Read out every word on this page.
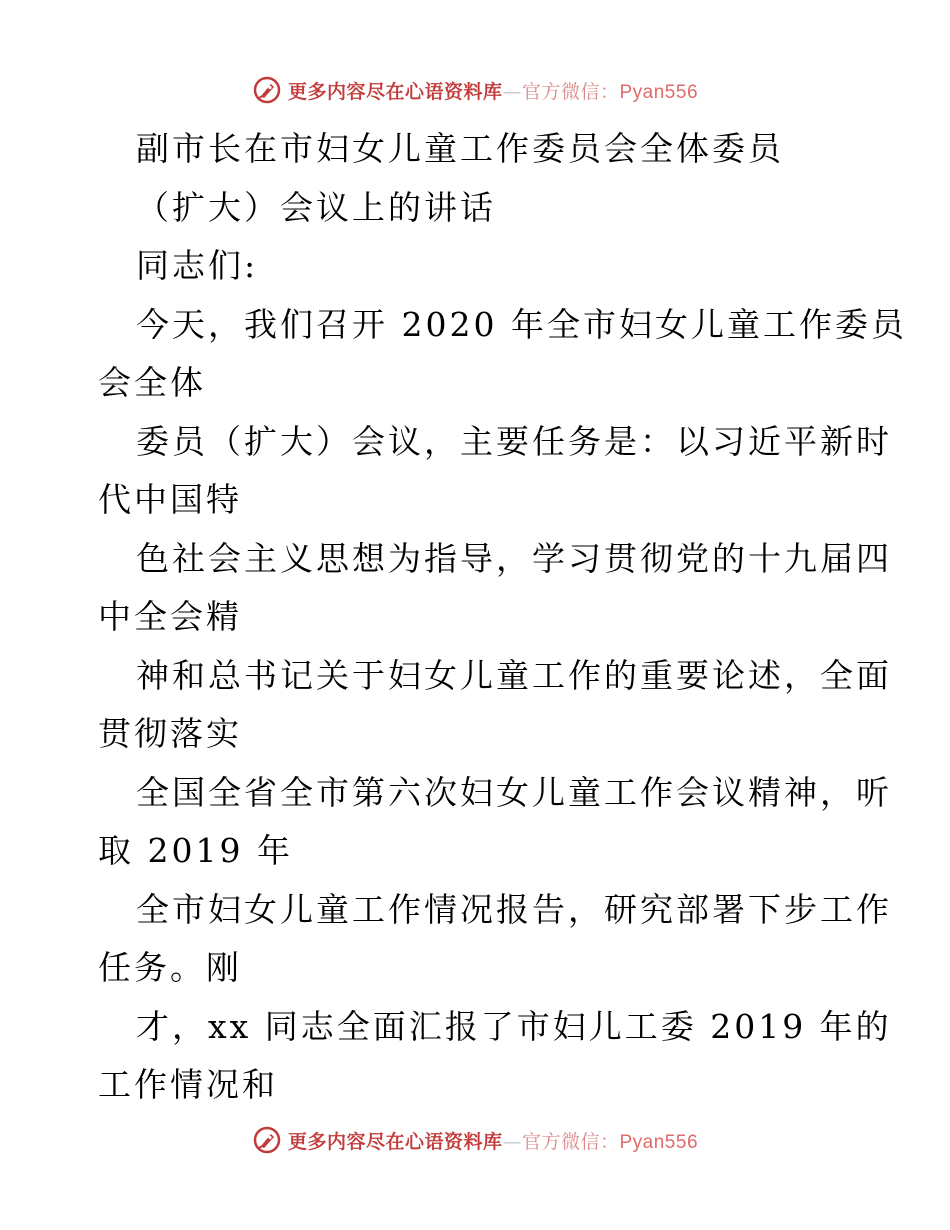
更多内容尽在心语资料库—官方微信：Pyan556
副市长在市妇女儿童工作委员会全体委员
（扩大）会议上的讲话
同志们:
今天，我们召开 2020 年全市妇女儿童工作委员
会全体
委员（扩大）会议，主要任务是：以习近平新时
代中国特
色社会主义思想为指导，学习贯彻党的十九届四
中全会精
神和总书记关于妇女儿童工作的重要论述，全面
贯彻落实
全国全省全市第六次妇女儿童工作会议精神，听
取 2019 年
全市妇女儿童工作情况报告，研究部署下步工作
任务。刚
才，xx 同志全面汇报了市妇儿工委 2019 年的
工作情况和
更多内容尽在心语资料库—官方微信：Pyan556
